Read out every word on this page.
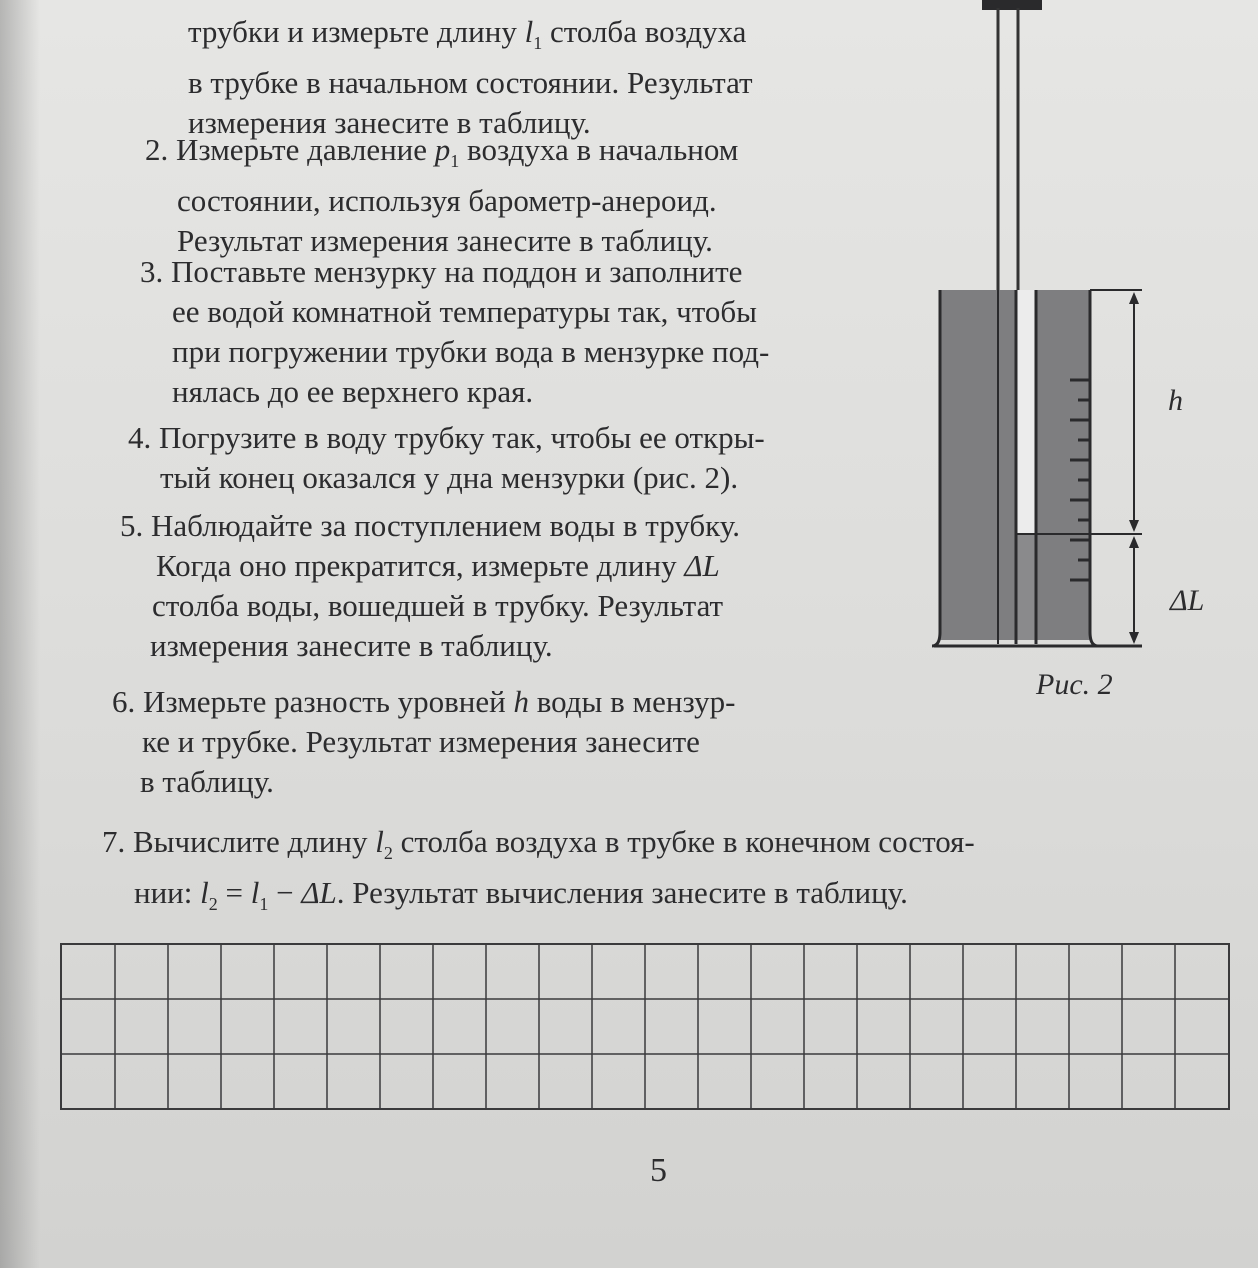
трубки и измерьте длину $l_1$ столба воздуха
в трубке в начальном состоянии. Результат
измерения занесите в таблицу.
2. Измерьте давление $p_1$ воздуха в начальном
состоянии, используя барометр-анероид.
Результат измерения занесите в таблицу.
3. Поставьте мензурку на поддон и заполните
ее водой комнатной температуры так, чтобы
при погружении трубки вода в мензурке под-
нялась до ее верхнего края.
4. Погрузите в воду трубку так, чтобы ее откры-
тый конец оказался у дна мензурки (рис. 2).
5. Наблюдайте за поступлением воды в трубку.
Когда оно прекратится, измерьте длину ΔL
столба воды, вошедшей в трубку. Результат
измерения занесите в таблицу.
6. Измерьте разность уровней h воды в мензур-
ке и трубке. Результат измерения занесите
в таблицу.
7. Вычислите длину $l_2$ столба воздуха в трубке в конечном состоя-
нии: $l_2 = l_1 - \Delta L$. Результат вычисления занесите в таблицу.
h
ΔL
Рис. 2
5
